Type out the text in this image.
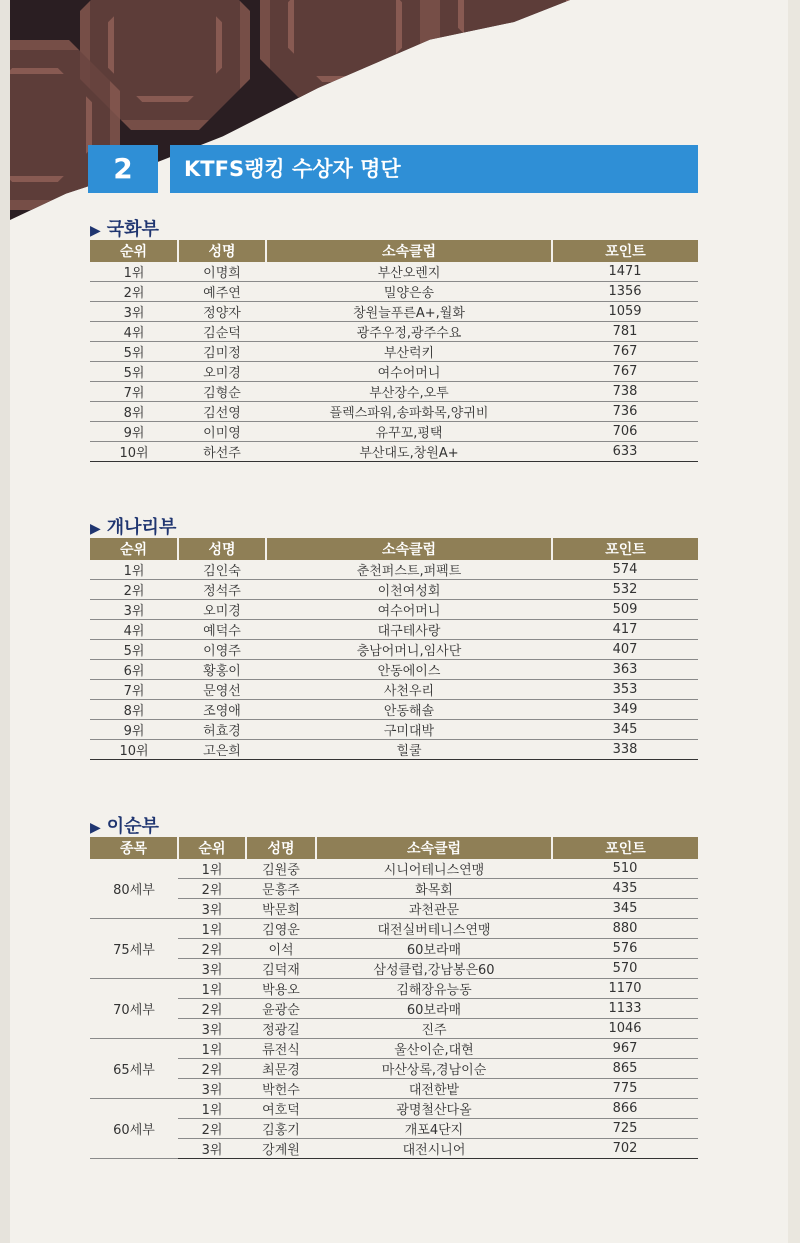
2	KTFS랭킹 수상자 명단
▶ 국화부
순위	성명	소속클럽	포인트
1위	이명희	부산오렌지	1471
2위	예주연	밀양은송	1356
3위	정양자	창원늘푸른A+,월화	1059
4위	김순덕	광주우정,광주수요	781
5위	김미정	부산럭키	767
5위	오미경	여수어머니	767
7위	김형순	부산장수,오투	738
8위	김선영	플렉스파워,송파화목,양귀비	736
9위	이미영	유꾸꼬,평택	706
10위	하선주	부산대도,창원A+	633
▶ 개나리부
순위	성명	소속클럽	포인트
1위	김인숙	춘천퍼스트,퍼펙트	574
2위	정석주	이천여성회	532
3위	오미경	여수어머니	509
4위	예덕수	대구테사랑	417
5위	이영주	충남어머니,임사단	407
6위	황홍이	안동에이스	363
7위	문영선	사천우리	353
8위	조영애	안동해솔	349
9위	허효경	구미대박	345
10위	고은희	힐쿨	338
▶ 이순부
종목	순위	성명	소속클럽	포인트
80세부	1위	김원중	시니어테니스연맹	510
	2위	문흥주	화목회	435
	3위	박문희	과천관문	345
75세부	1위	김영운	대전실버테니스연맹	880
	2위	이석	60보라매	576
	3위	김덕재	삼성클럽,강남봉은60	570
70세부	1위	박용오	김해장유능동	1170
	2위	윤광순	60보라매	1133
	3위	정광길	진주	1046
65세부	1위	류전식	울산이순,대현	967
	2위	최문경	마산상록,경남이순	865
	3위	박헌수	대전한밭	775
60세부	1위	여호덕	광명철산다올	866
	2위	김홍기	개포4단지	725
	3위	강계원	대전시니어	702
